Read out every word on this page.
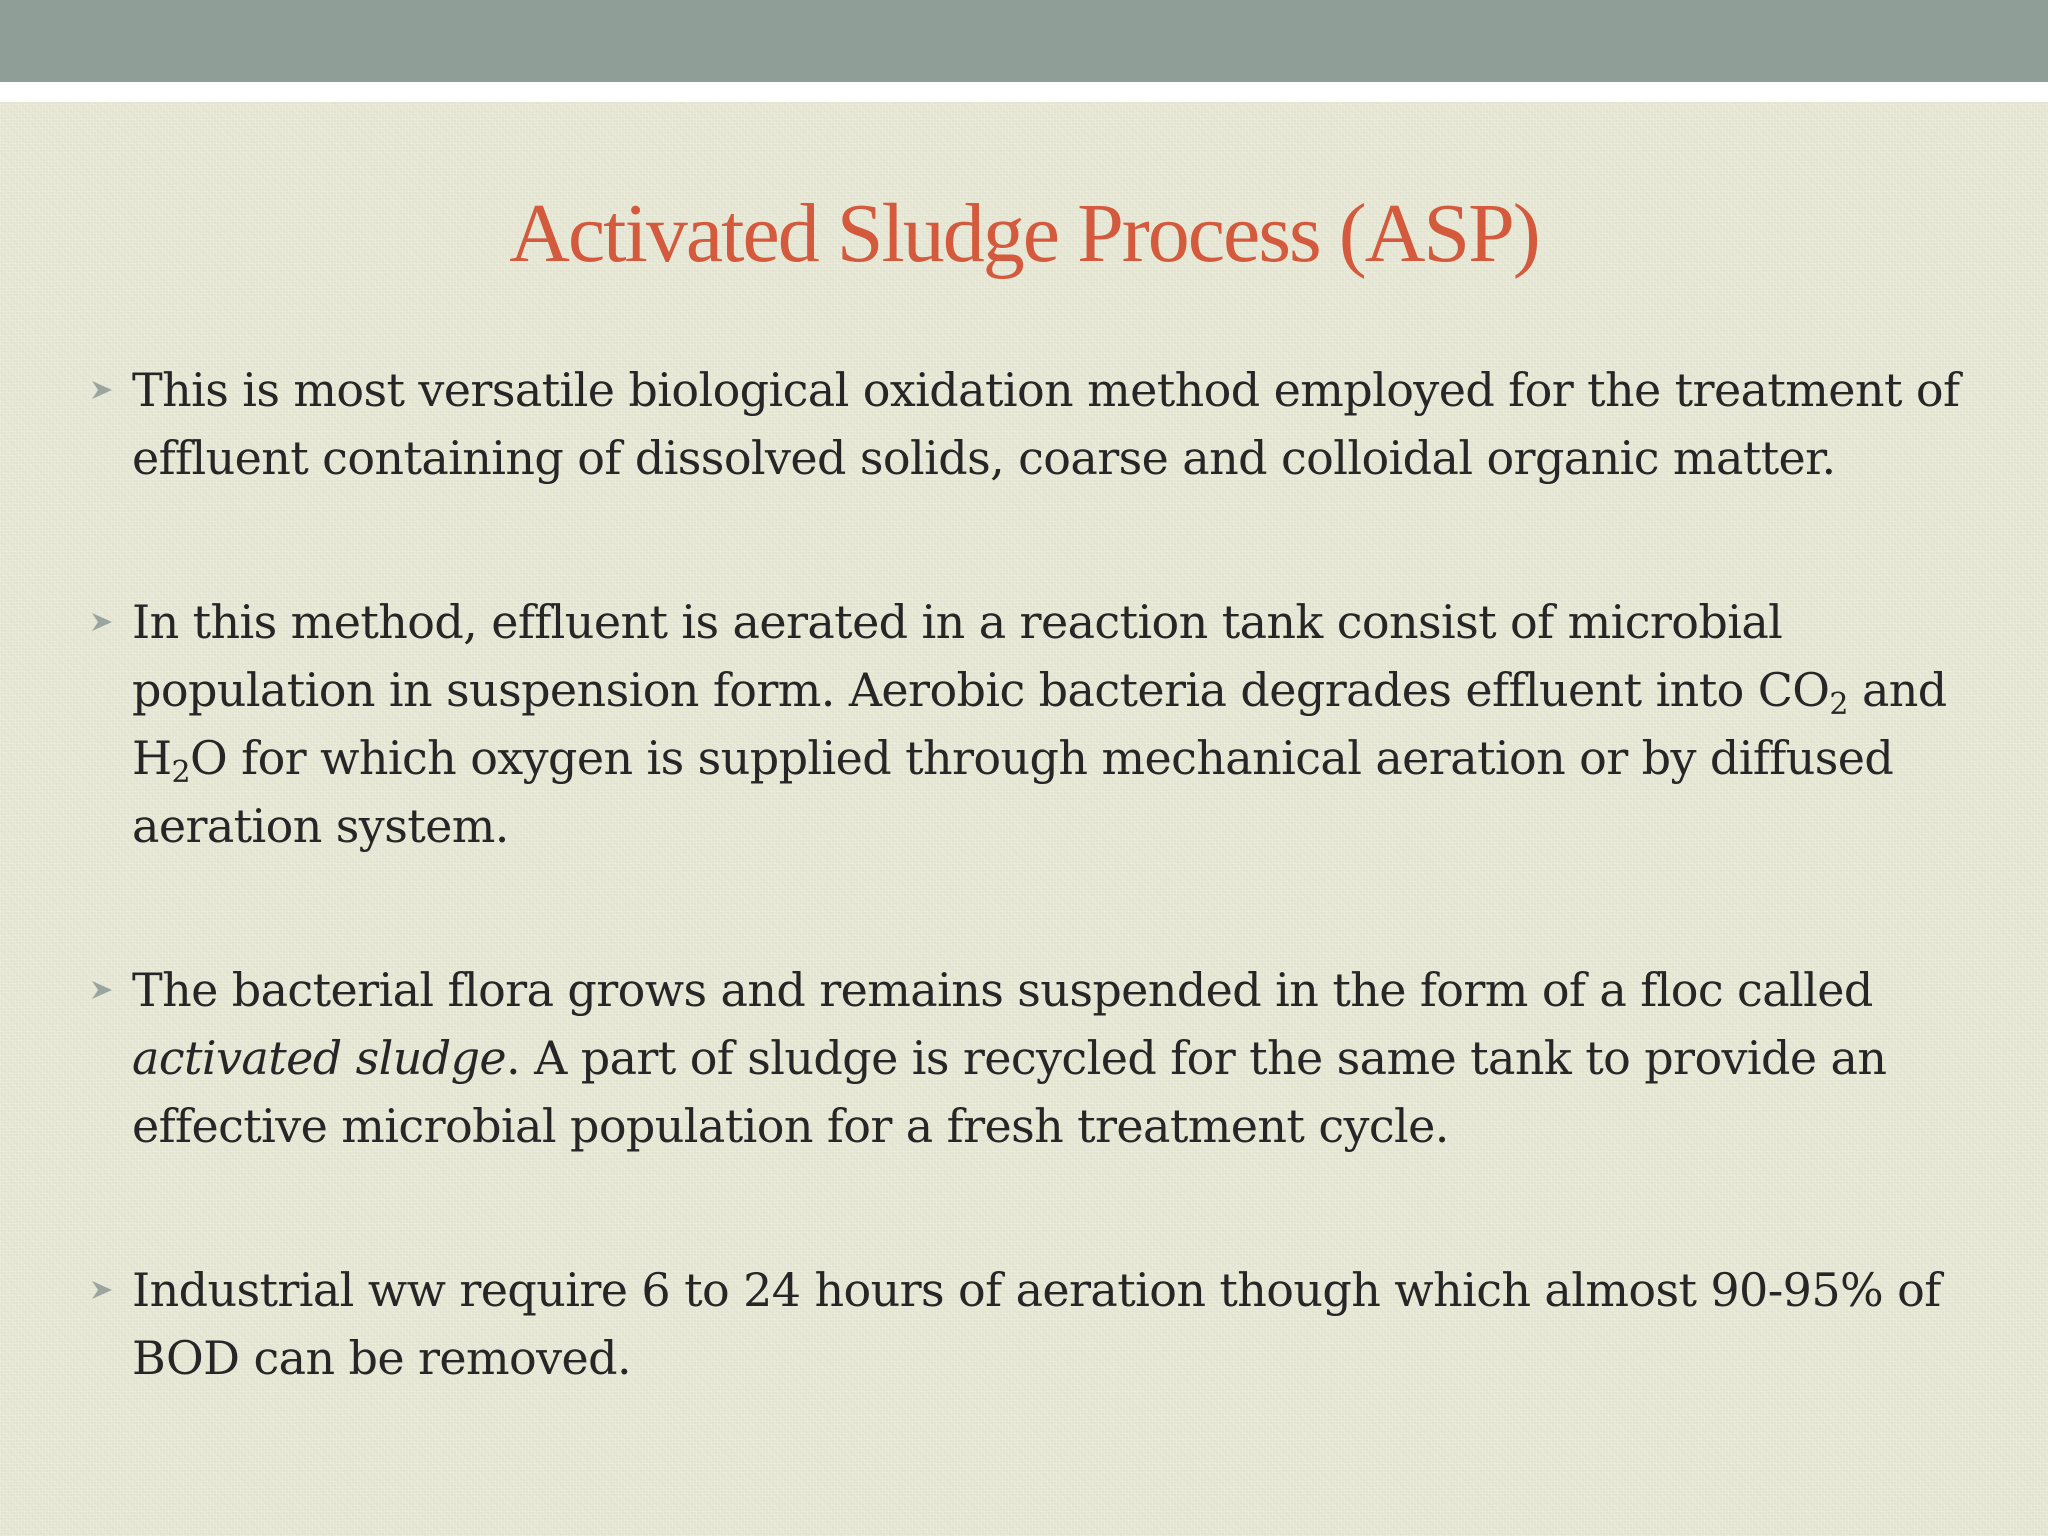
Activated Sludge Process (ASP)
This is most versatile biological oxidation method employed for the treatment of effluent containing of dissolved solids, coarse and colloidal organic matter.
In this method, effluent is aerated in a reaction tank consist of microbial population in suspension form. Aerobic bacteria degrades effluent into $CO_2$ and $H_2O$ for which oxygen is supplied through mechanical aeration or by diffused aeration system.
The bacterial flora grows and remains suspended in the form of a floc called activated sludge. A part of sludge is recycled for the same tank to provide an effective microbial population for a fresh treatment cycle.
Industrial ww require 6 to 24 hours of aeration though which almost 90-95% of BOD can be removed.
